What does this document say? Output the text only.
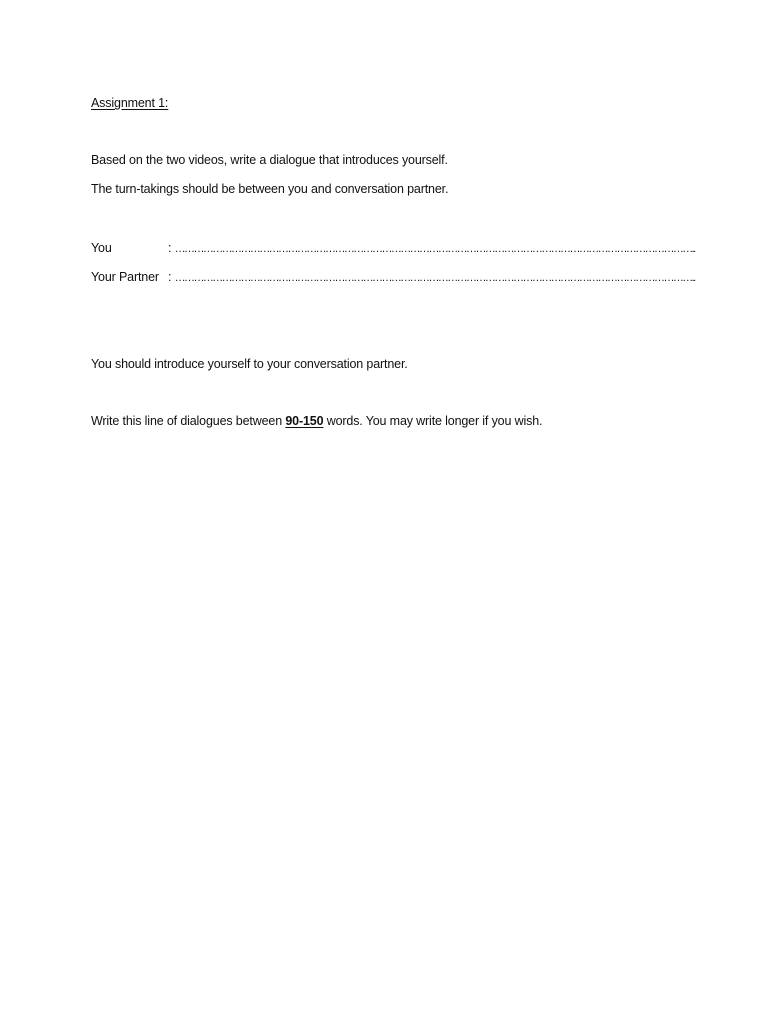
Assignment 1:
Based on the two videos, write a dialogue that introduces yourself.
The turn-takings should be between you and conversation partner.
You	: …………………………………………………………………………………………………………………………………………………..
Your Partner : …………………………………………………………………………………………………………………………………………………..
You should introduce yourself to your conversation partner.
Write this line of dialogues between 90-150 words. You may write longer if you wish.
